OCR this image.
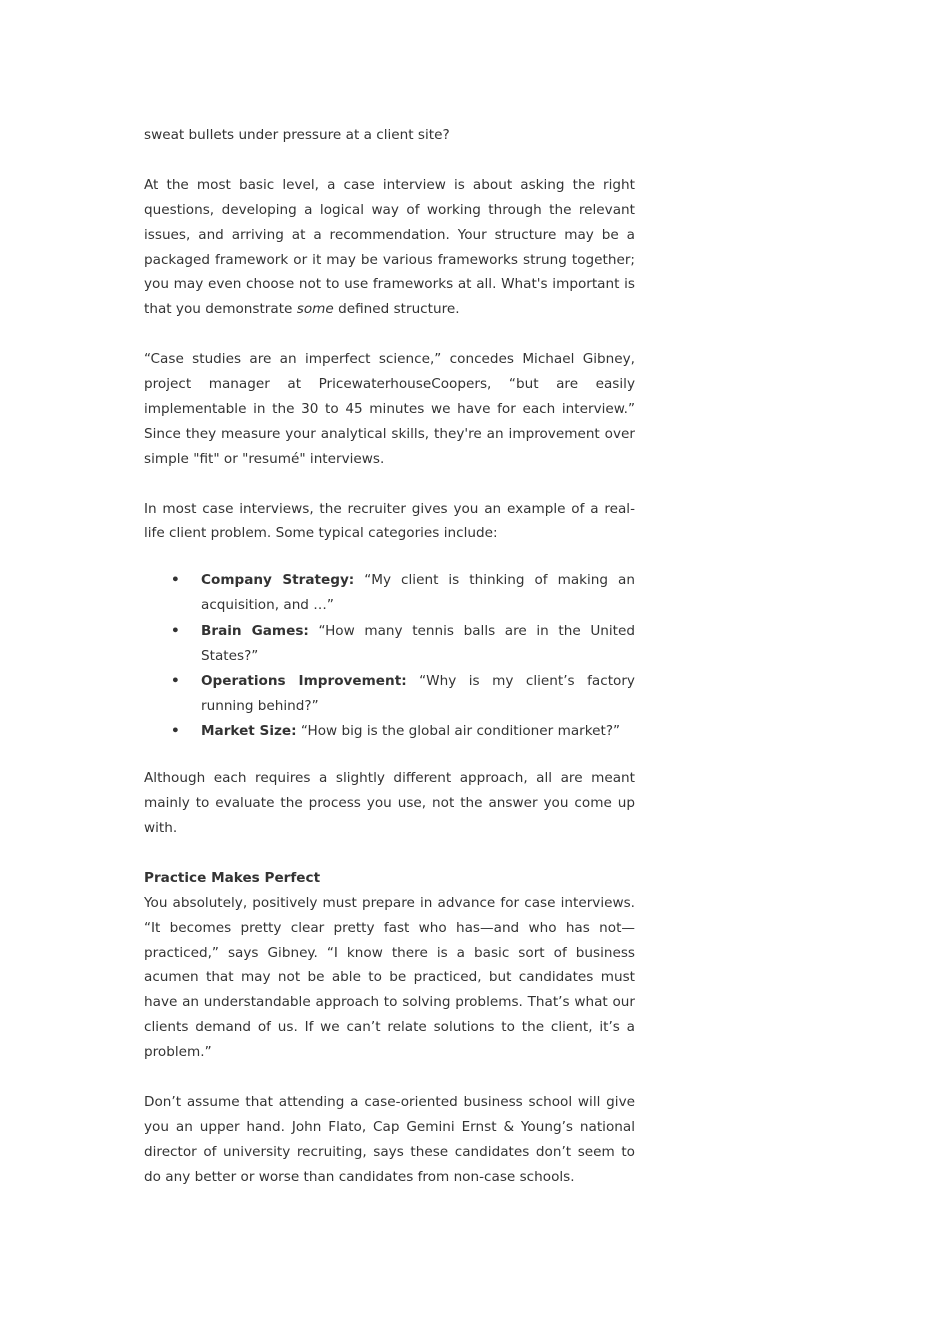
sweat bullets under pressure at a client site?

At the most basic level, a case interview is about asking the right questions, developing a logical way of working through the relevant issues, and arriving at a recommendation. Your structure may be a packaged framework or it may be various frameworks strung together; you may even choose not to use frameworks at all. What's important is that you demonstrate some defined structure.

“Case studies are an imperfect science,” concedes Michael Gibney, project manager at PricewaterhouseCoopers, “but are easily implementable in the 30 to 45 minutes we have for each interview.” Since they measure your analytical skills, they're an improvement over simple "fit" or "resumé" interviews.

In most case interviews, the recruiter gives you an example of a real-life client problem. Some typical categories include:

• Company Strategy: “My client is thinking of making an acquisition, and …”
• Brain Games: “How many tennis balls are in the United States?”
• Operations Improvement: “Why is my client’s factory running behind?”
• Market Size: “How big is the global air conditioner market?”

Although each requires a slightly different approach, all are meant mainly to evaluate the process you use, not the answer you come up with.

Practice Makes Perfect

You absolutely, positively must prepare in advance for case interviews. “It becomes pretty clear pretty fast who has—and who has not—practiced,” says Gibney. “I know there is a basic sort of business acumen that may not be able to be practiced, but candidates must have an understandable approach to solving problems. That’s what our clients demand of us. If we can’t relate solutions to the client, it’s a problem.”

Don’t assume that attending a case-oriented business school will give you an upper hand. John Flato, Cap Gemini Ernst & Young’s national director of university recruiting, says these candidates don’t seem to do any better or worse than candidates from non-case schools.
